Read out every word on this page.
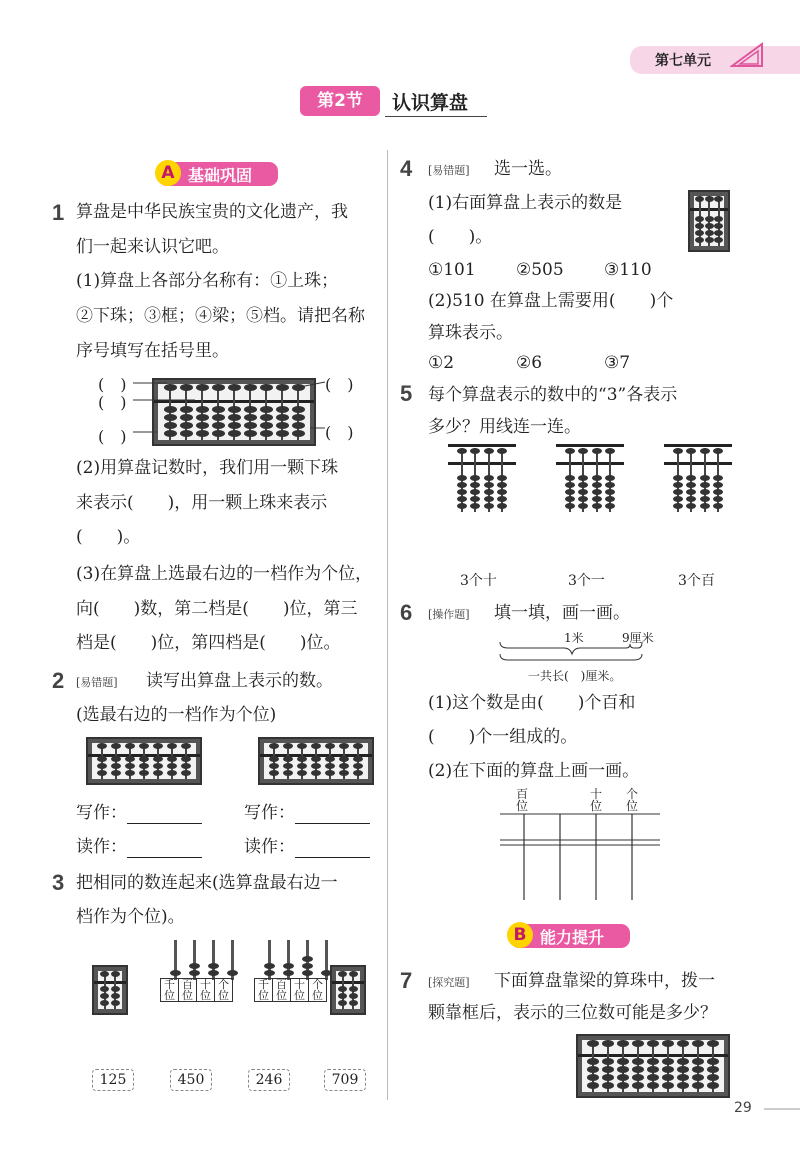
第七单元
第2节	认识算盘
A 基础巩固
1 算盘是中华民族宝贵的文化遗产，我
们一起来认识它吧。
(1)算盘上各部分名称有：①上珠；
②下珠；③框；④梁；⑤档。请把名称
序号填写在括号里。
(　)
(　)
(　)
(　)
(　)
(2)用算盘记数时，我们用一颗下珠
来表示(　　)，用一颗上珠来表示
(　　)。
(3)在算盘上选最右边的一档作为个位，
向(　　)数，第二档是(　　)位，第三
档是(　　)位，第四档是(　　)位。
2 [易错题] 读写出算盘上表示的数。
(选最右边的一档作为个位)
写作：	写作：
读作：	读作：
3 把相同的数连起来(选算盘最右边一
档作为个位)。
千位	百位	十位	个位
千位	百位	十位	个位
125	450	246	709
4 [易错题] 选一选。
(1)右面算盘上表示的数是
(　　)。
①101 ②505 ③110
(2)510 在算盘上需要用(　　)个
算珠表示。
①2	②6	③7
5 每个算盘表示的数中的“3”各表示
多少？用线连一连。
3个十	3个一	3个百
6 [操作题] 填一填，画一画。
1米	9厘米
一共长(　)厘米。
(1)这个数是由(　　)个百和
(　　)个一组成的。
(2)在下面的算盘上画一画。
百位
十位
个位
B 能力提升
7 [探究题] 下面算盘靠梁的算珠中，拨一
颗靠框后，表示的三位数可能是多少？
29
